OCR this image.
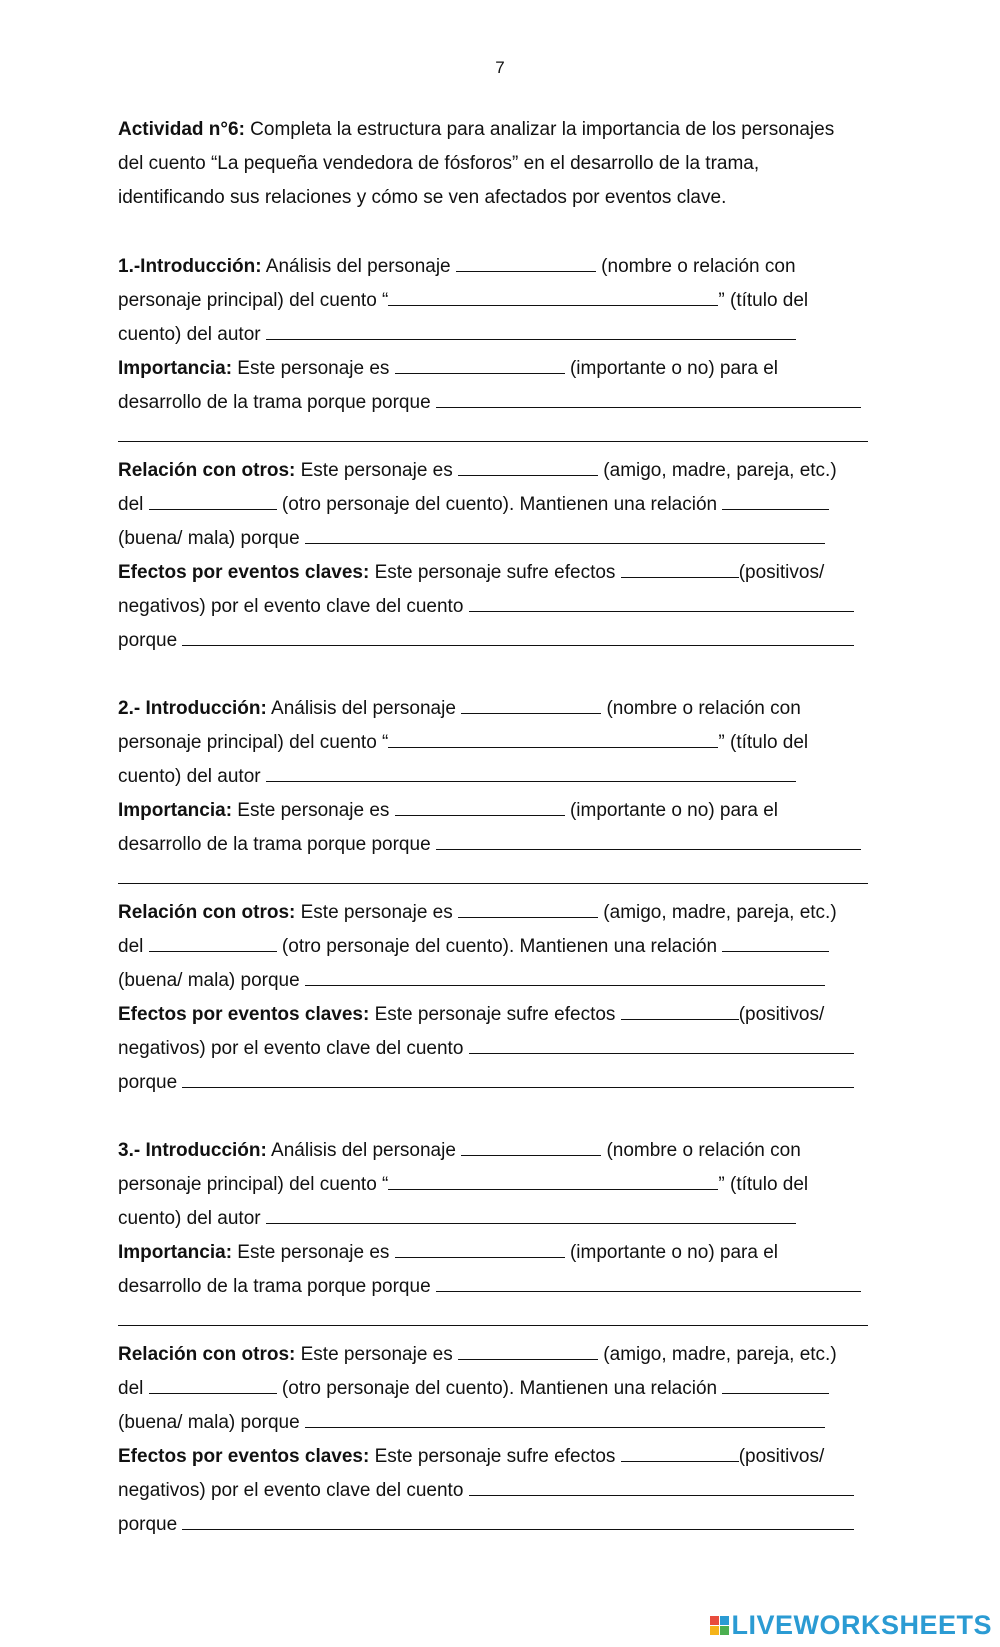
7
Actividad n°6: Completa la estructura para analizar la importancia de los personajes
del cuento “La pequeña vendedora de fósforos” en el desarrollo de la trama,
identificando sus relaciones y cómo se ven afectados por eventos clave.
1.-Introducción: Análisis del personaje	(nombre o relación con
personaje principal) del cuento “	” (título del
cuento) del autor
Importancia: Este personaje es	(importante o no) para el
desarrollo de la trama porque porque
Relación con otros: Este personaje es	(amigo, madre, pareja, etc.)
del	(otro personaje del cuento). Mantienen una relación
(buena/ mala) porque
Efectos por eventos claves: Este personaje sufre efectos	(positivos/
negativos) por el evento clave del cuento
porque
2.- Introducción: Análisis del personaje	(nombre o relación con
personaje principal) del cuento “	” (título del
cuento) del autor
Importancia: Este personaje es	(importante o no) para el
desarrollo de la trama porque porque
Relación con otros: Este personaje es	(amigo, madre, pareja, etc.)
del	(otro personaje del cuento). Mantienen una relación
(buena/ mala) porque
Efectos por eventos claves: Este personaje sufre efectos	(positivos/
negativos) por el evento clave del cuento
porque
3.- Introducción: Análisis del personaje	(nombre o relación con
personaje principal) del cuento “	” (título del
cuento) del autor
Importancia: Este personaje es	(importante o no) para el
desarrollo de la trama porque porque
Relación con otros: Este personaje es	(amigo, madre, pareja, etc.)
del	(otro personaje del cuento). Mantienen una relación
(buena/ mala) porque
Efectos por eventos claves: Este personaje sufre efectos	(positivos/
negativos) por el evento clave del cuento
porque
LIVEWORKSHEETS
